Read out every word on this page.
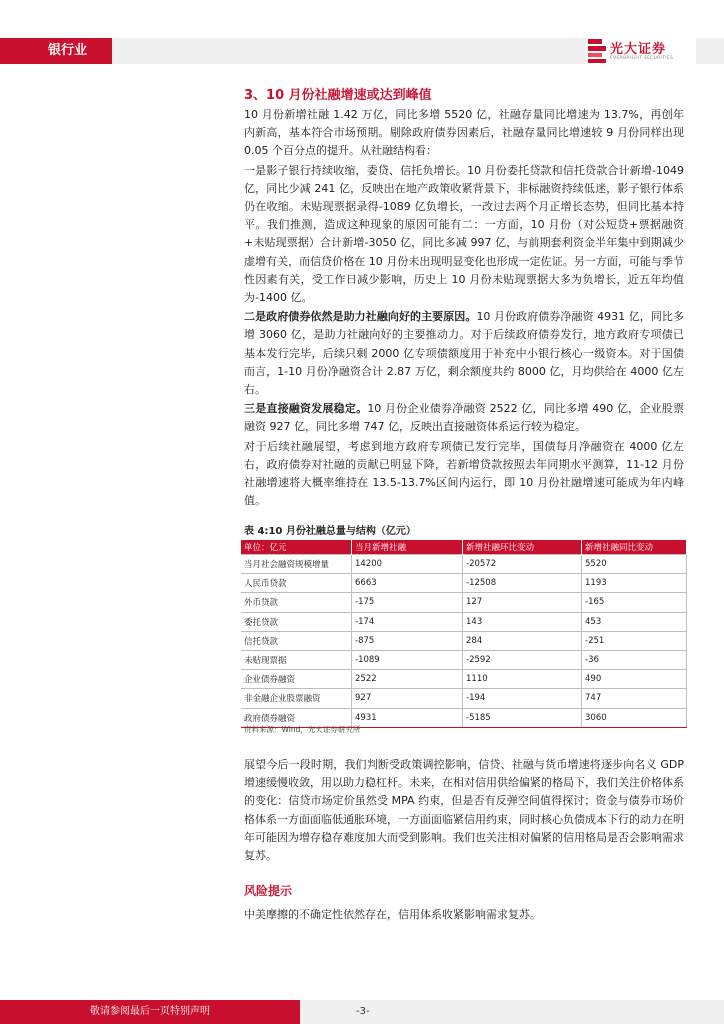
银行业	光大证券
EVERBRIGHT SECURITIES
3、10 月份社融增速或达到峰值

10 月份新增社融 1.42 万亿，同比多增 5520 亿，社融存量同比增速为 13.7%，再创年内新高，基本符合市场预期。剔除政府债券因素后，社融存量同比增速较 9 月份同样出现 0.05 个百分点的提升。从社融结构看：

一是影子银行持续收缩，委贷、信托负增长。10 月份委托贷款和信托贷款合计新增-1049 亿，同比少减 241 亿，反映出在地产政策收紧背景下，非标融资持续低迷，影子银行体系仍在收缩。未贴现票据录得-1089 亿负增长，一改过去两个月正增长态势，但同比基本持平。我们推测，造成这种现象的原因可能有二：一方面，10 月份（对公短贷+票据融资+未贴现票据）合计新增-3050 亿，同比多减 997 亿，与前期套利资金半年集中到期减少虚增有关，而信贷价格在 10 月份未出现明显变化也形成一定佐证。另一方面，可能与季节性因素有关，受工作日减少影响，历史上 10 月份未贴现票据大多为负增长，近五年均值为-1400 亿。

二是政府债券依然是助力社融向好的主要原因。10 月份政府债券净融资 4931 亿，同比多增 3060 亿，是助力社融向好的主要推动力。对于后续政府债券发行，地方政府专项债已基本发行完毕，后续只剩 2000 亿专项债额度用于补充中小银行核心一级资本。对于国债而言，1-10 月份净融资合计 2.87 万亿，剩余额度共约 8000 亿，月均供给在 4000 亿左右。

三是直接融资发展稳定。10 月份企业债券净融资 2522 亿，同比多增 490 亿，企业股票融资 927 亿，同比多增 747 亿，反映出直接融资体系运行较为稳定。

对于后续社融展望，考虑到地方政府专项债已发行完毕，国债每月净融资在 4000 亿左右，政府债券对社融的贡献已明显下降，若新增贷款按照去年同期水平测算，11-12 月份社融增速将大概率维持在 13.5-13.7%区间内运行，即 10 月份社融增速可能成为年内峰值。

表 4:10 月份社融总量与结构（亿元）
单位：亿元	当月新增社融	新增社融环比变动	新增社融同比变动
当月社会融资规模增量	14200	-20572	5520
人民币贷款	6663	-12508	1193
外币贷款	-175	127	-165
委托贷款	-174	143	453
信托贷款	-875	284	-251
未贴现票据	-1089	-2592	-36
企业债券融资	2522	1110	490
非金融企业股票融资	927	-194	747
政府债券融资	4931	-5185	3060
资料来源：Wind，光大证券研究所

展望今后一段时期，我们判断受政策调控影响，信贷、社融与货币增速将逐步向名义 GDP 增速缓慢收敛，用以助力稳杠杆。未来，在相对信用供给偏紧的格局下，我们关注价格体系的变化：信贷市场定价虽然受 MPA 约束，但是否有反弹空间值得探讨；资金与债券市场价格体系一方面面临低通胀环境，一方面面临紧信用约束，同时核心负债成本下行的动力在明年可能因为增存稳存难度加大而受到影响。我们也关注相对偏紧的信用格局是否会影响需求复苏。

风险提示
中美摩擦的不确定性依然存在，信用体系收紧影响需求复苏。
敬请参阅最后一页特别声明	-3-
